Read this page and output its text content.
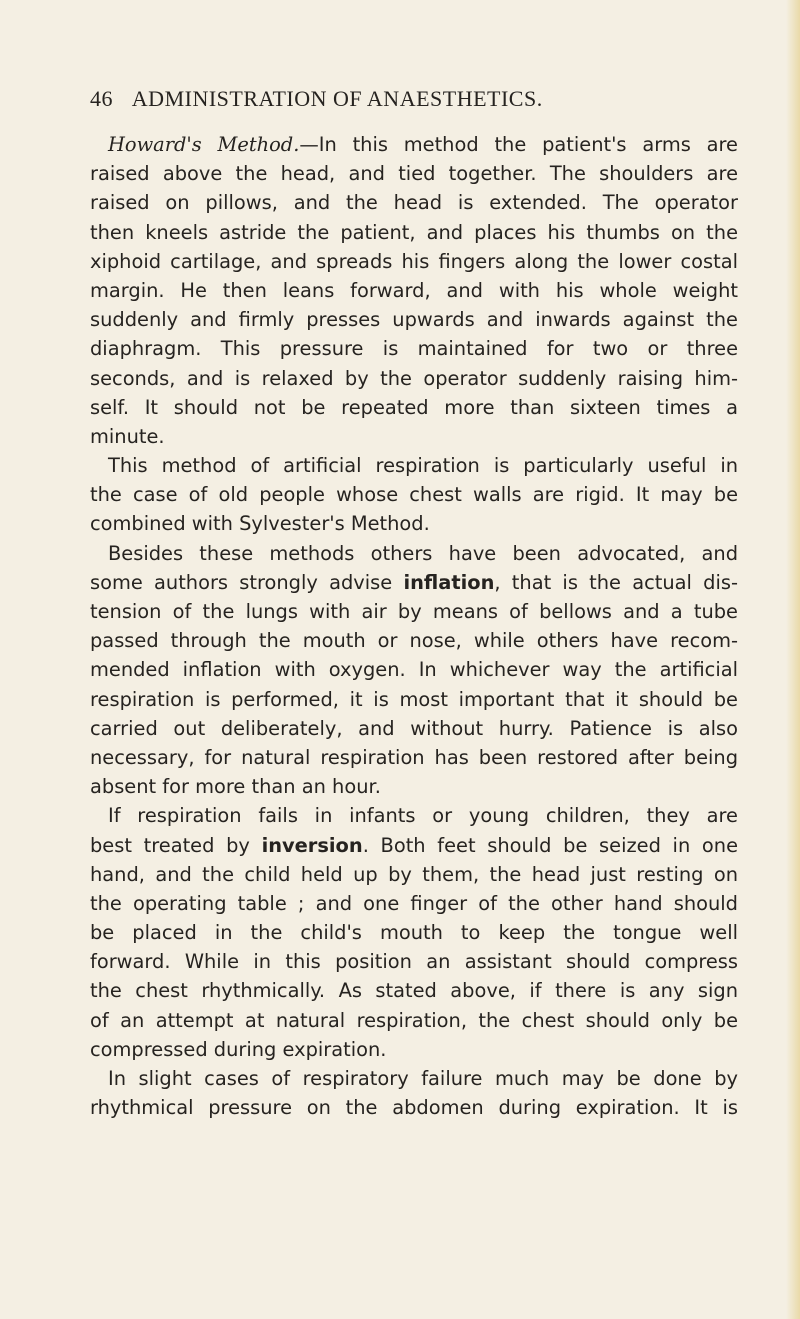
46 ADMINISTRATION OF ANAESTHETICS.
Howard's Method.—In this method the patient's arms are
raised above the head, and tied together. The shoulders are
raised on pillows, and the head is extended. The operator
then kneels astride the patient, and places his thumbs on the
xiphoid cartilage, and spreads his fingers along the lower costal
margin. He then leans forward, and with his whole weight
suddenly and firmly presses upwards and inwards against the
diaphragm. This pressure is maintained for two or three
seconds, and is relaxed by the operator suddenly raising him-
self. It should not be repeated more than sixteen times a
minute.
This method of artificial respiration is particularly useful in
the case of old people whose chest walls are rigid. It may be
combined with Sylvester's Method.
Besides these methods others have been advocated, and
some authors strongly advise inflation, that is the actual dis-
tension of the lungs with air by means of bellows and a tube
passed through the mouth or nose, while others have recom-
mended inflation with oxygen. In whichever way the artificial
respiration is performed, it is most important that it should be
carried out deliberately, and without hurry. Patience is also
necessary, for natural respiration has been restored after being
absent for more than an hour.
If respiration fails in infants or young children, they are
best treated by inversion. Both feet should be seized in one
hand, and the child held up by them, the head just resting on
the operating table ; and one finger of the other hand should
be placed in the child's mouth to keep the tongue well
forward. While in this position an assistant should compress
the chest rhythmically. As stated above, if there is any sign
of an attempt at natural respiration, the chest should only be
compressed during expiration.
In slight cases of respiratory failure much may be done by
rhythmical pressure on the abdomen during expiration. It is
